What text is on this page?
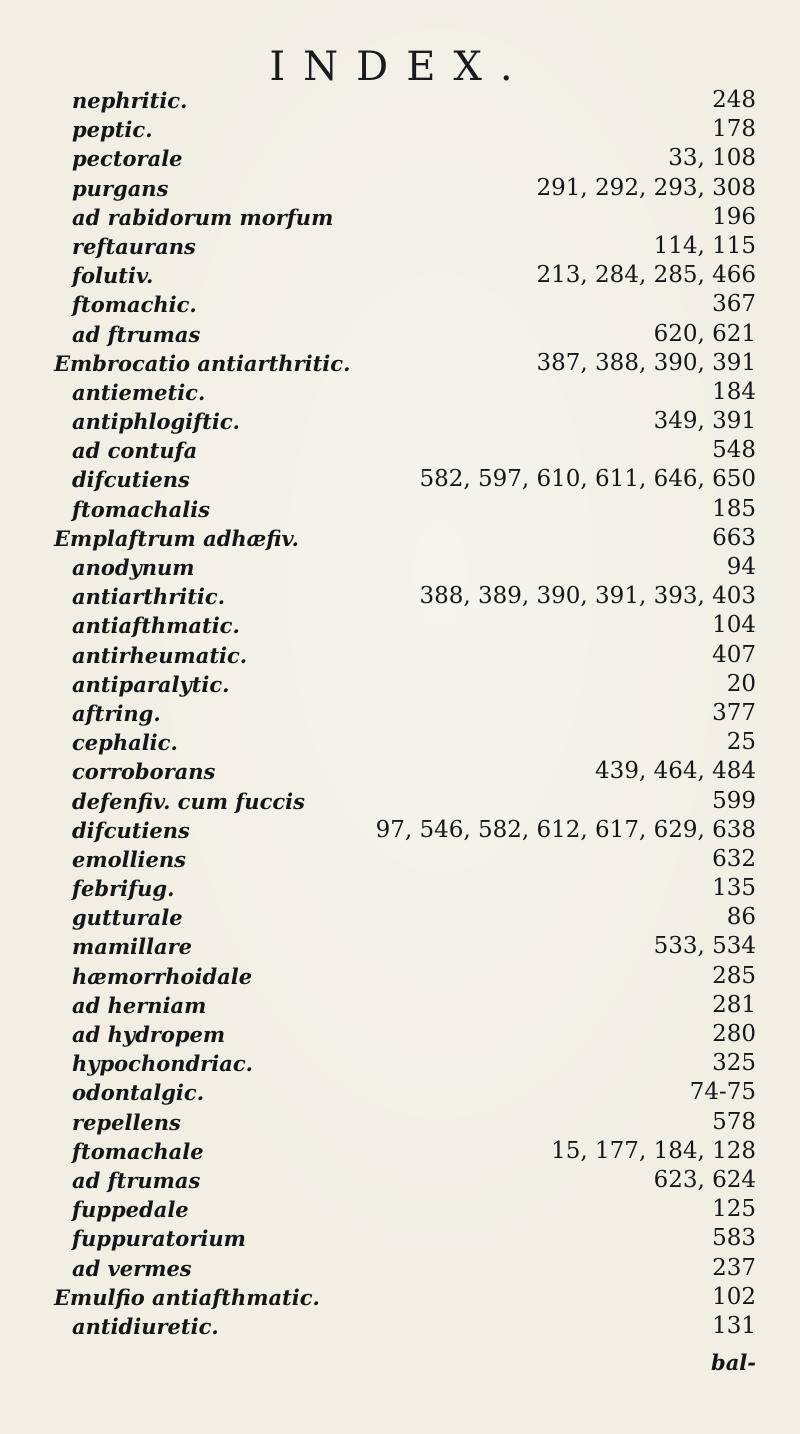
INDEX.
nephritic.	248
peptic.	178
pectorale	33, 108
purgans	291, 292, 293, 308
ad rabidorum morfum	196
reftaurans	114, 115
folutiv.	213, 284, 285, 466
ftomachic.	367
ad ftrumas	620, 621
Embrocatio antiarthritic.	387, 388, 390, 391
antiemetic.	184
antiphlogiftic.	349, 391
ad contufa	548
difcutiens	582, 597, 610, 611, 646, 650
ftomachalis	185
Emplaftrum adhæfiv.	663
anodynum	94
antiarthritic.	388, 389, 390, 391, 393, 403
antiafthmatic.	104
antirheumatic.	407
antiparalytic.	20
aftring.	377
cephalic.	25
corroborans	439, 464, 484
defenfiv. cum fuccis	599
difcutiens	97, 546, 582, 612, 617, 629, 638
emolliens	632
febrifug.	135
gutturale	86
mamillare	533, 534
hæmorrhoidale	285
ad herniam	281
ad hydropem	280
hypochondriac.	325
odontalgic.	74-75
repellens	578
ftomachale	15, 177, 184, 128
ad ftrumas	623, 624
fuppedale	125
fuppuratorium	583
ad vermes	237
Emulfio antiafthmatic.	102
antidiuretic.	131
bal-
